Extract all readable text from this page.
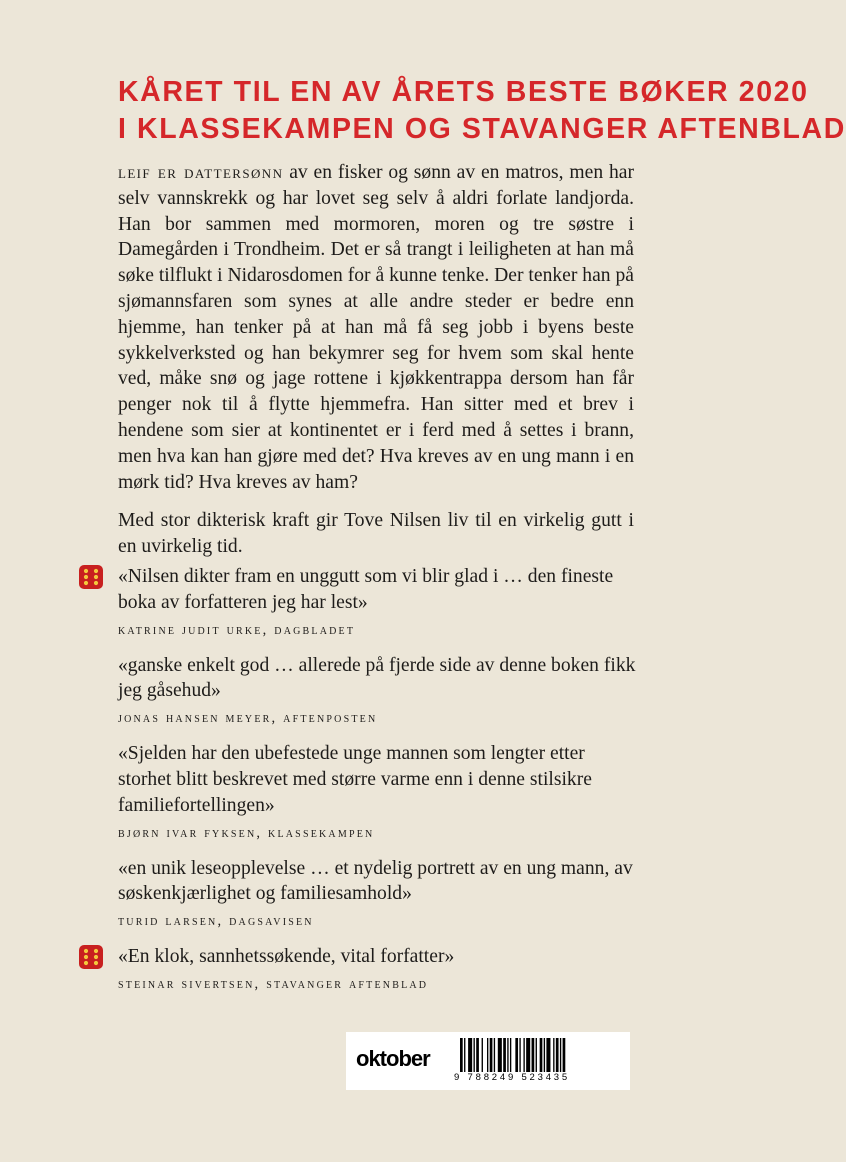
KÅRET TIL EN AV ÅRETS BESTE BØKER 2020
I KLASSEKAMPEN OG STAVANGER AFTENBLAD

leif er dattersønn av en fisker og sønn av en matros, men har selv vannskrekk og har lovet seg selv å aldri forlate landjorda. Han bor sammen med mormoren, moren og tre søstre i Damegården i Trondheim. Det er så trangt i leiligheten at han må søke tilflukt i Nidarosdomen for å kunne tenke. Der tenker han på sjømannsfaren som synes at alle andre steder er bedre enn hjemme, han tenker på at han må få seg jobb i byens beste sykkelverksted og han bekymrer seg for hvem som skal hente ved, måke snø og jage rottene i kjøkkentrappa dersom han får penger nok til å flytte hjemmefra. Han sitter med et brev i hendene som sier at kontinentet er i ferd med å settes i brann, men hva kan han gjøre med det? Hva kreves av en ung mann i en mørk tid? Hva kreves av ham?

Med stor dikterisk kraft gir Tove Nilsen liv til en virkelig gutt i en uvirkelig tid.

«Nilsen dikter fram en unggutt som vi blir glad i … den fineste boka av forfatteren jeg har lest»
katrine judit urke, dagbladet
«ganske enkelt god … allerede på fjerde side av denne boken fikk jeg gåsehud»
jonas hansen meyer, aftenposten
«Sjelden har den ubefestede unge mannen som lengter etter storhet blitt beskrevet med større varme enn i denne stilsikre familiefortellingen»
bjørn ivar fyksen, klassekampen
«en unik leseopplevelse … et nydelig portrett av en ung mann, av søskenkjærlighet og familiesamhold»
turid larsen, dagsavisen
«En klok, sannhetssøkende, vital forfatter»
steinar sivertsen, stavanger aftenblad
oktober
9 788249 523435
